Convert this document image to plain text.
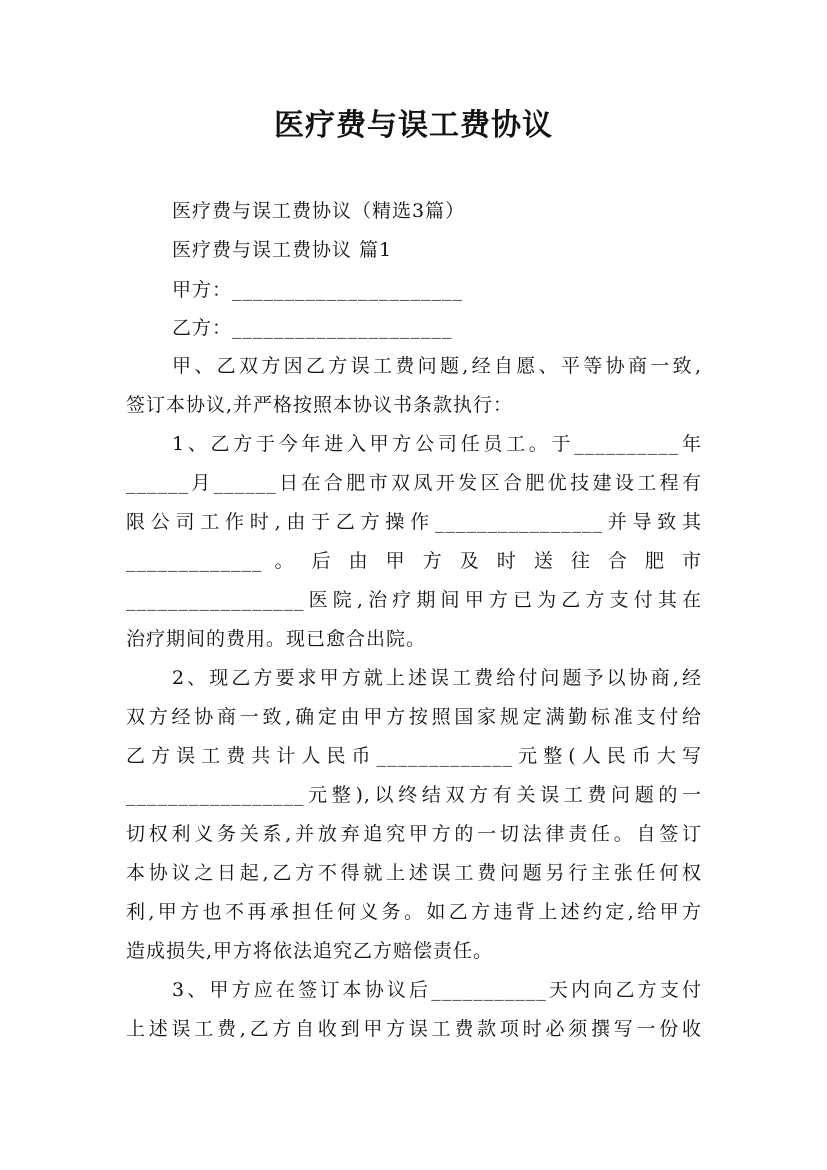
医疗费与误工费协议
医疗费与误工费协议（精选3篇）
医疗费与误工费协议 篇1
甲方：______________________
乙方：_____________________
甲、乙双方因乙方误工费问题,经自愿、平等协商一致,
签订本协议,并严格按照本协议书条款执行：
1、乙方于今年进入甲方公司任员工。于__________年
______月______日在合肥市双凤开发区合肥优技建设工程有
限公司工作时,由于乙方操作________________并导致其
_____________ 。 后 由 甲 方 及 时 送 往 合 肥 市
_________________医院,治疗期间甲方已为乙方支付其在
治疗期间的费用。现已愈合出院。
2、现乙方要求甲方就上述误工费给付问题予以协商,经
双方经协商一致,确定由甲方按照国家规定满勤标准支付给
乙方误工费共计人民币_____________元整(人民币大写
_________________元整),以终结双方有关误工费问题的一
切权利义务关系,并放弃追究甲方的一切法律责任。自签订
本协议之日起,乙方不得就上述误工费问题另行主张任何权
利,甲方也不再承担任何义务。如乙方违背上述约定,给甲方
造成损失,甲方将依法追究乙方赔偿责任。
3、甲方应在签订本协议后___________天内向乙方支付
上述误工费,乙方自收到甲方误工费款项时必须撰写一份收
